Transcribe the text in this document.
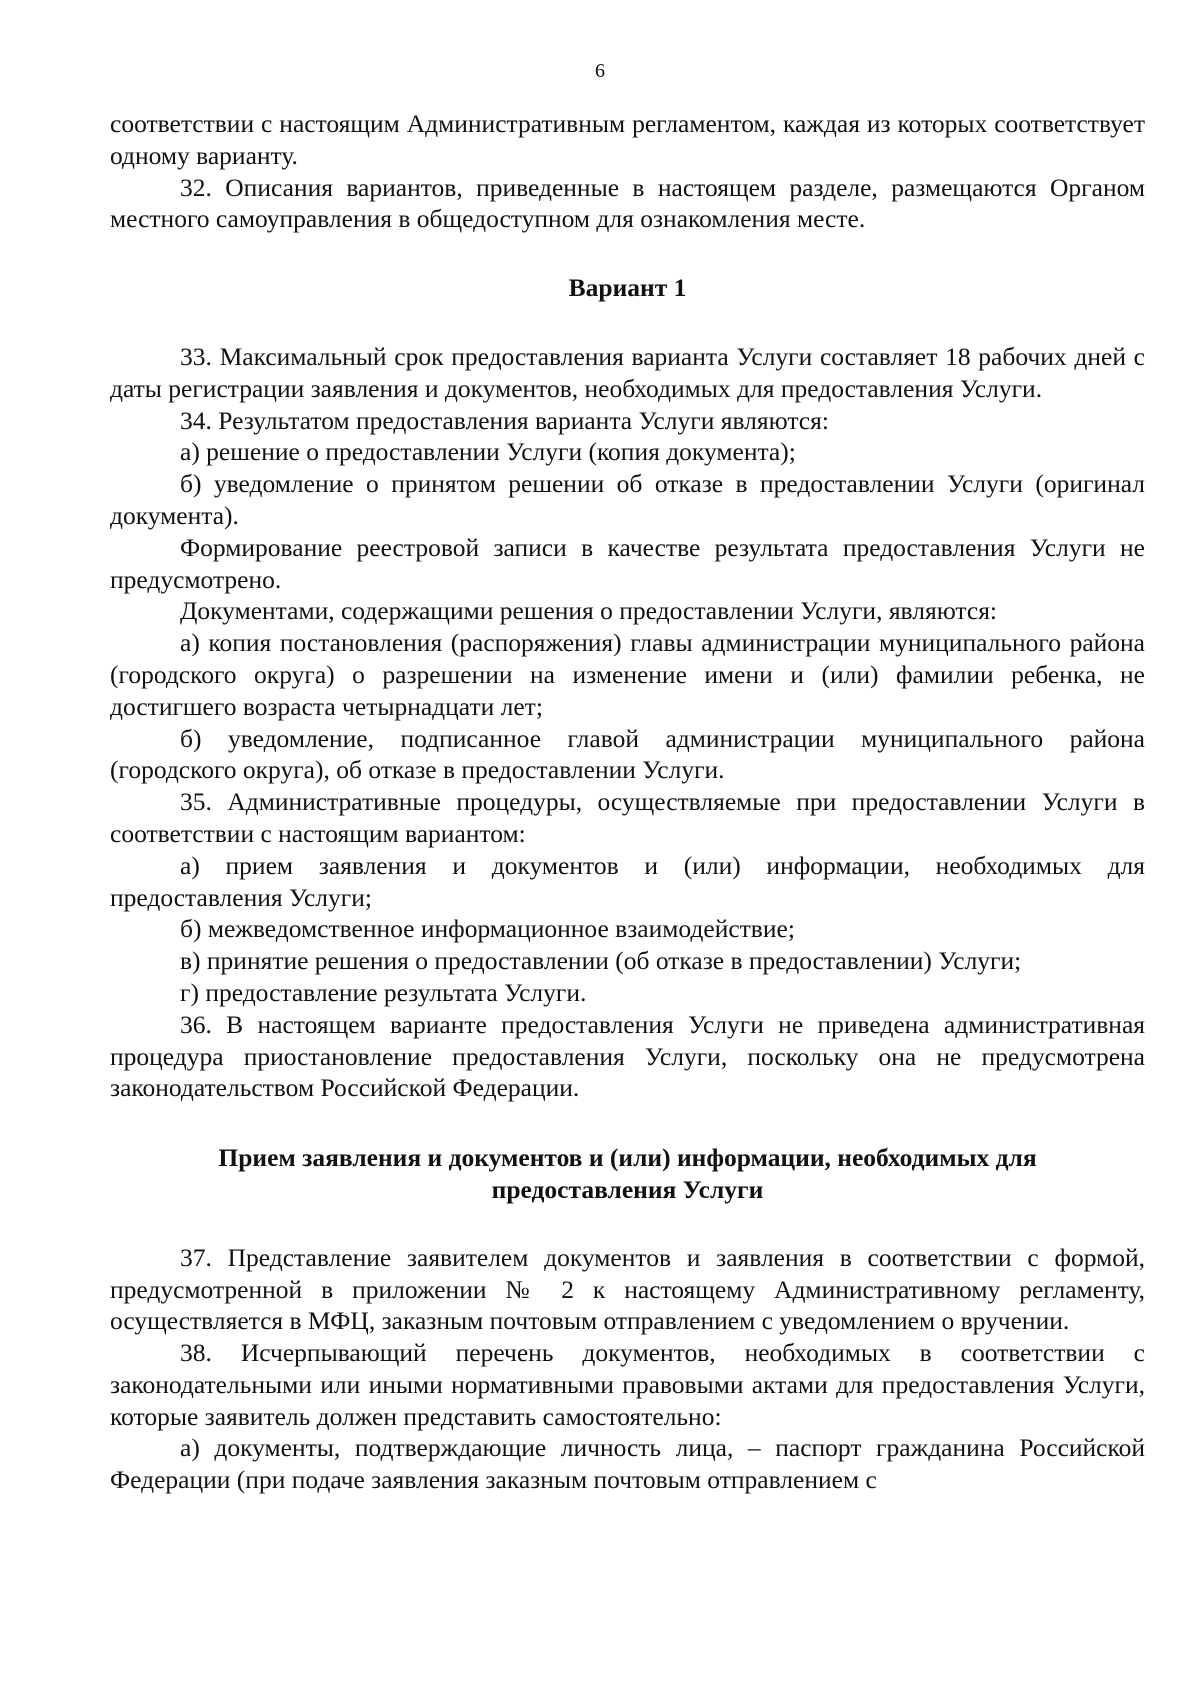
6

соответствии с настоящим Административным регламентом, каждая из которых соответствует одному варианту.

32. Описания вариантов, приведенные в настоящем разделе, размещаются Органом местного самоуправления в общедоступном для ознакомления месте.

Вариант 1

33. Максимальный срок предоставления варианта Услуги составляет 18 рабочих дней с даты регистрации заявления и документов, необходимых для предоставления Услуги.

34. Результатом предоставления варианта Услуги являются:

а) решение о предоставлении Услуги (копия документа);

б) уведомление о принятом решении об отказе в предоставлении Услуги (оригинал документа).

Формирование реестровой записи в качестве результата предоставления Услуги не предусмотрено.

Документами, содержащими решения о предоставлении Услуги, являются:

а) копия постановления (распоряжения) главы администрации муниципального района (городского округа) о разрешении на изменение имени и (или) фамилии ребенка, не достигшего возраста четырнадцати лет;

б) уведомление, подписанное главой администрации муниципального района (городского округа), об отказе в предоставлении Услуги.

35. Административные процедуры, осуществляемые при предоставлении Услуги в соответствии с настоящим вариантом:

а) прием заявления и документов и (или) информации, необходимых для предоставления Услуги;

б) межведомственное информационное взаимодействие;

в) принятие решения о предоставлении (об отказе в предоставлении) Услуги;

г) предоставление результата Услуги.

36. В настоящем варианте предоставления Услуги не приведена административная процедура приостановление предоставления Услуги, поскольку она не предусмотрена законодательством Российской Федерации.

Прием заявления и документов и (или) информации, необходимых для предоставления Услуги

37. Представление заявителем документов и заявления в соответствии с формой, предусмотренной в приложении № 2 к настоящему Административному регламенту, осуществляется в МФЦ, заказным почтовым отправлением с уведомлением о вручении.

38. Исчерпывающий перечень документов, необходимых в соответствии с законодательными или иными нормативными правовыми актами для предоставления Услуги, которые заявитель должен представить самостоятельно:

а) документы, подтверждающие личность лица, – паспорт гражданина Российской Федерации (при подаче заявления заказным почтовым отправлением с
